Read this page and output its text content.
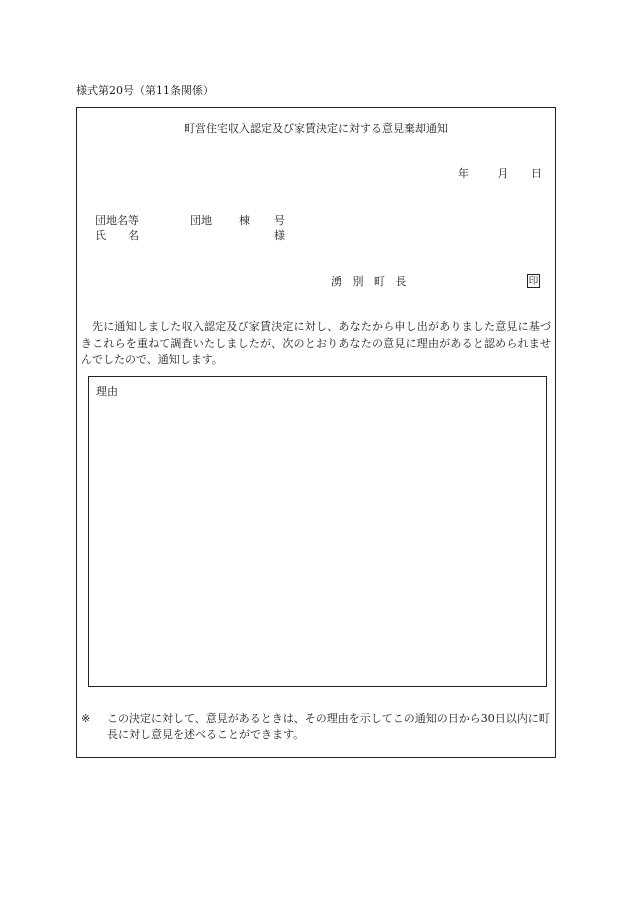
様式第20号（第11条関係）
町営住宅収入認定及び家賃決定に対する意見棄却通知
年	月 日
団地名等	団地 棟 号
氏　　名	様
湧別町長	印
先に通知しました収入認定及び家賃決定に対し、あなたから申し出がありました意見に基づきこれらを重ねて調査いたしましたが、次のとおりあなたの意見に理由があると認められませんでしたので、通知します。
理由
※	この決定に対して、意見があるときは、その理由を示してこの通知の日から30日以内に町長に対し意見を述べることができます。
